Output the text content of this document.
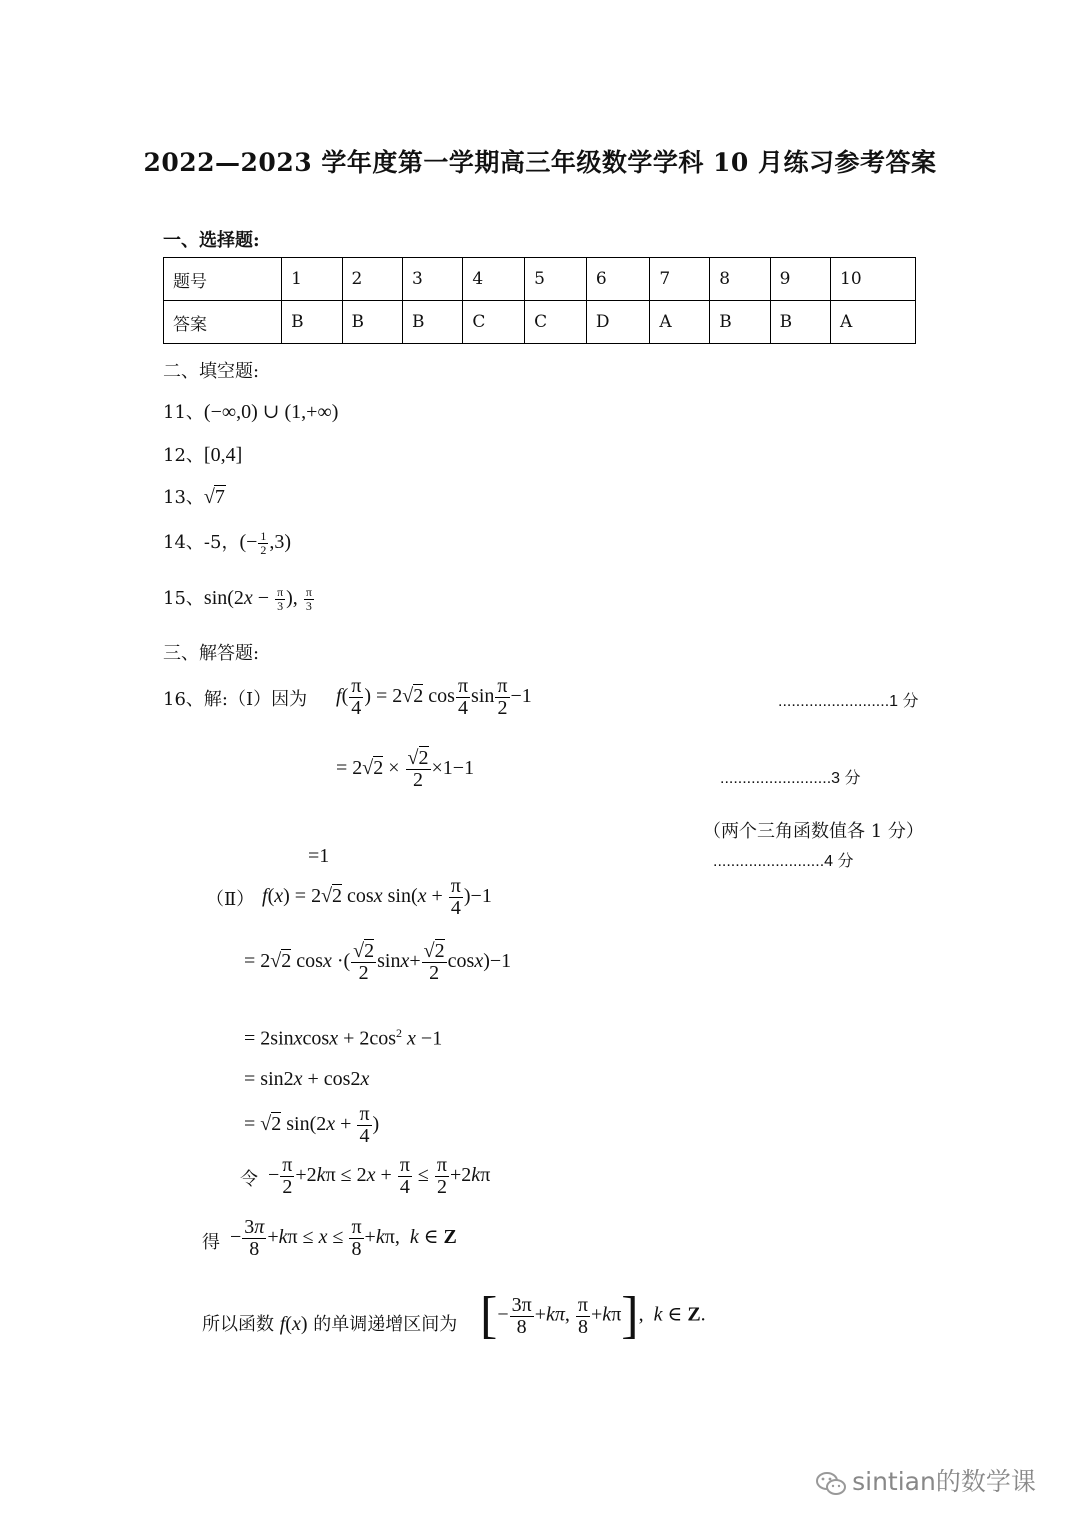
2022—2023 学年度第一学期高三年级数学学科 10 月练习参考答案
一、选择题:
题号	1	2	3	4	5	6	7	8	9	10
答案	B	B	B	C	C	D	A	B	B	A
二、填空题:
11、(−∞,0) ∪ (1,+∞)
12、[0,4]
13、√7
14、-5，(− $\frac{1}{2} ,3$)
15、$\sin(2x - \frac{\pi}{3}$ ), $\frac{\pi}{3}$
三、解答题:
16、解:（Ⅰ）因为 $f( \frac{\pi}{4}$ ) = 2√2 $\cos \frac{\pi}{4}$ $\sin \frac{\pi}{2} -1$	.........................1 分
= $2√2 \times \frac{√2}{2} \times 1-1$	.........................3 分
（两个三角函数值各 1 分）
=1	.........................4 分
（Ⅱ） f(x) = 2√2 cosx $\sin(x + \frac{\pi}{4} )-1$
= 2√2 cosx ·( $\frac{√2}{2} \sin x+ \frac{√2}{2} \cos x)-1$
= 2sinxcosx + $2\cos^2$ x −1
= sin2x + cos2x
= √2 $\sin(2x + \frac{\pi}{4}$ )
令 − $\frac{\pi}{2} +2k\pi \le 2x + \frac{\pi}{4} \le \frac{\pi}{2} +2k\pi$
得 − $\frac{3\pi}{8} +k\pi \le x \le \frac{\pi}{8} +k\pi$,  k ∈ Z
所以函数 f(x) 的单调递增区间为 [− $\frac{3\pi}{8} +k\pi$, $\frac{\pi}{8} +k\pi$],  k ∈ Z.
sintian的数学课
